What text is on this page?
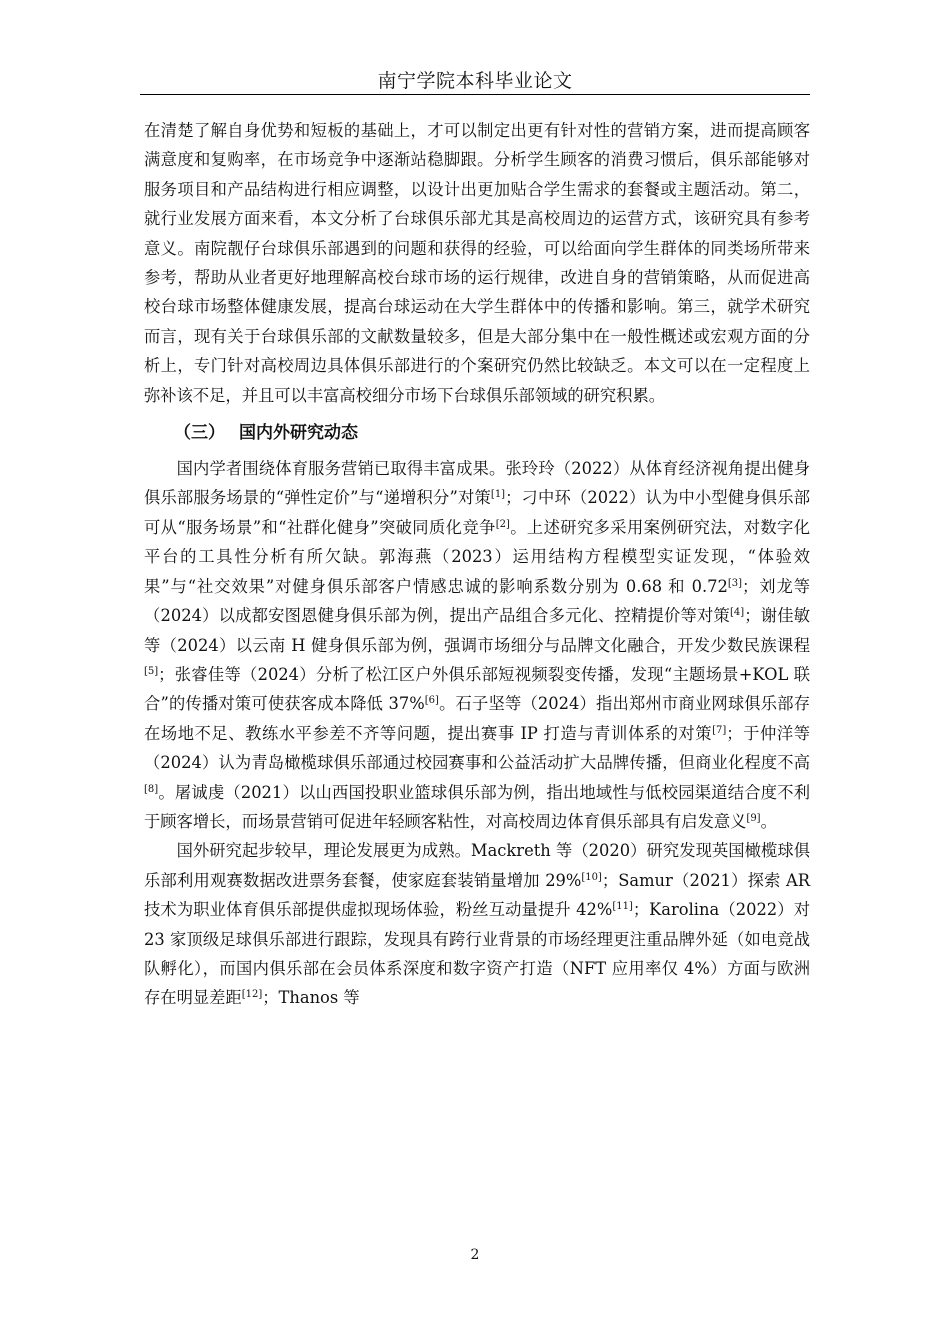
南宁学院本科毕业论文

在清楚了解自身优势和短板的基础上，才可以制定出更有针对性的营销方案，进而提高顾客满意度和复购率，在市场竞争中逐渐站稳脚跟。分析学生顾客的消费习惯后，俱乐部能够对服务项目和产品结构进行相应调整，以设计出更加贴合学生需求的套餐或主题活动。第二，就行业发展方面来看，本文分析了台球俱乐部尤其是高校周边的运营方式，该研究具有参考意义。南院靓仔台球俱乐部遇到的问题和获得的经验，可以给面向学生群体的同类场所带来参考，帮助从业者更好地理解高校台球市场的运行规律，改进自身的营销策略，从而促进高校台球市场整体健康发展，提高台球运动在大学生群体中的传播和影响。第三，就学术研究而言，现有关于台球俱乐部的文献数量较多，但是大部分集中在一般性概述或宏观方面的分析上，专门针对高校周边具体俱乐部进行的个案研究仍然比较缺乏。本文可以在一定程度上弥补该不足，并且可以丰富高校细分市场下台球俱乐部领域的研究积累。

（三） 国内外研究动态

国内学者围绕体育服务营销已取得丰富成果。张玲玲（2022）从体育经济视角提出健身俱乐部服务场景的“弹性定价”与“递增积分”对策[1]；刁中环（2022）认为中小型健身俱乐部可从“服务场景”和“社群化健身”突破同质化竞争[2]。上述研究多采用案例研究法，对数字化平台的工具性分析有所欠缺。郭海燕（2023）运用结构方程模型实证发现，“体验效果”与“社交效果”对健身俱乐部客户情感忠诚的影响系数分别为 0.68 和 0.72[3]；刘龙等（2024）以成都安图恩健身俱乐部为例，提出产品组合多元化、控精提价等对策[4]；谢佳敏等（2024）以云南 H 健身俱乐部为例，强调市场细分与品牌文化融合，开发少数民族课程[5]；张睿佳等（2024）分析了松江区户外俱乐部短视频裂变传播，发现“主题场景+KOL 联合”的传播对策可使获客成本降低 37%[6]。石子坚等（2024）指出郑州市商业网球俱乐部存在场地不足、教练水平参差不齐等问题，提出赛事 IP 打造与青训体系的对策[7]；于仲洋等（2024）认为青岛橄榄球俱乐部通过校园赛事和公益活动扩大品牌传播，但商业化程度不高[8]。屠诚虔（2021）以山西国投职业篮球俱乐部为例，指出地域性与低校园渠道结合度不利于顾客增长，而场景营销可促进年轻顾客粘性，对高校周边体育俱乐部具有启发意义[9]。

国外研究起步较早，理论发展更为成熟。Mackreth 等（2020）研究发现英国橄榄球俱乐部利用观赛数据改进票务套餐，使家庭套装销量增加 29%[10]；Samur（2021）探索 AR 技术为职业体育俱乐部提供虚拟现场体验，粉丝互动量提升 42%[11]；Karolina（2022）对 23 家顶级足球俱乐部进行跟踪，发现具有跨行业背景的市场经理更注重品牌外延（如电竞战队孵化），而国内俱乐部在会员体系深度和数字资产打造（NFT 应用率仅 4%）方面与欧洲存在明显差距[12]；Thanos 等

2
